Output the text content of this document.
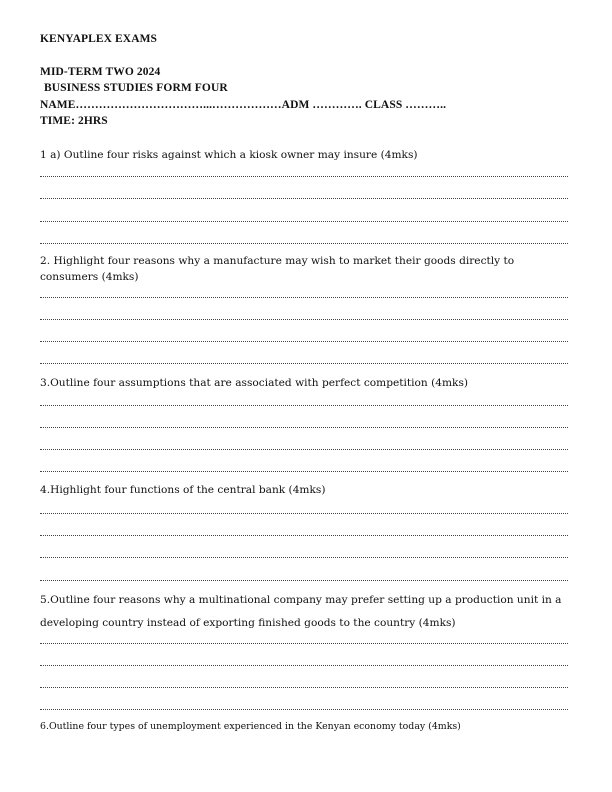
KENYAPLEX EXAMS
MID-TERM TWO 2024
BUSINESS STUDIES FORM FOUR
NAME……………………………...………………ADM …………. CLASS ………..
TIME: 2HRS
1 a) Outline four risks against which a kiosk owner may insure (4mks)
2. Highlight four reasons why a manufacture may wish to market their goods directly to consumers (4mks)
3.Outline four assumptions that are associated with perfect competition (4mks)
4.Highlight four functions of the central bank (4mks)
5.Outline four reasons why a multinational company may prefer setting up a production unit in a developing country instead of exporting finished goods to the country (4mks)
6.Outline four types of unemployment experienced in the Kenyan economy today (4mks)
